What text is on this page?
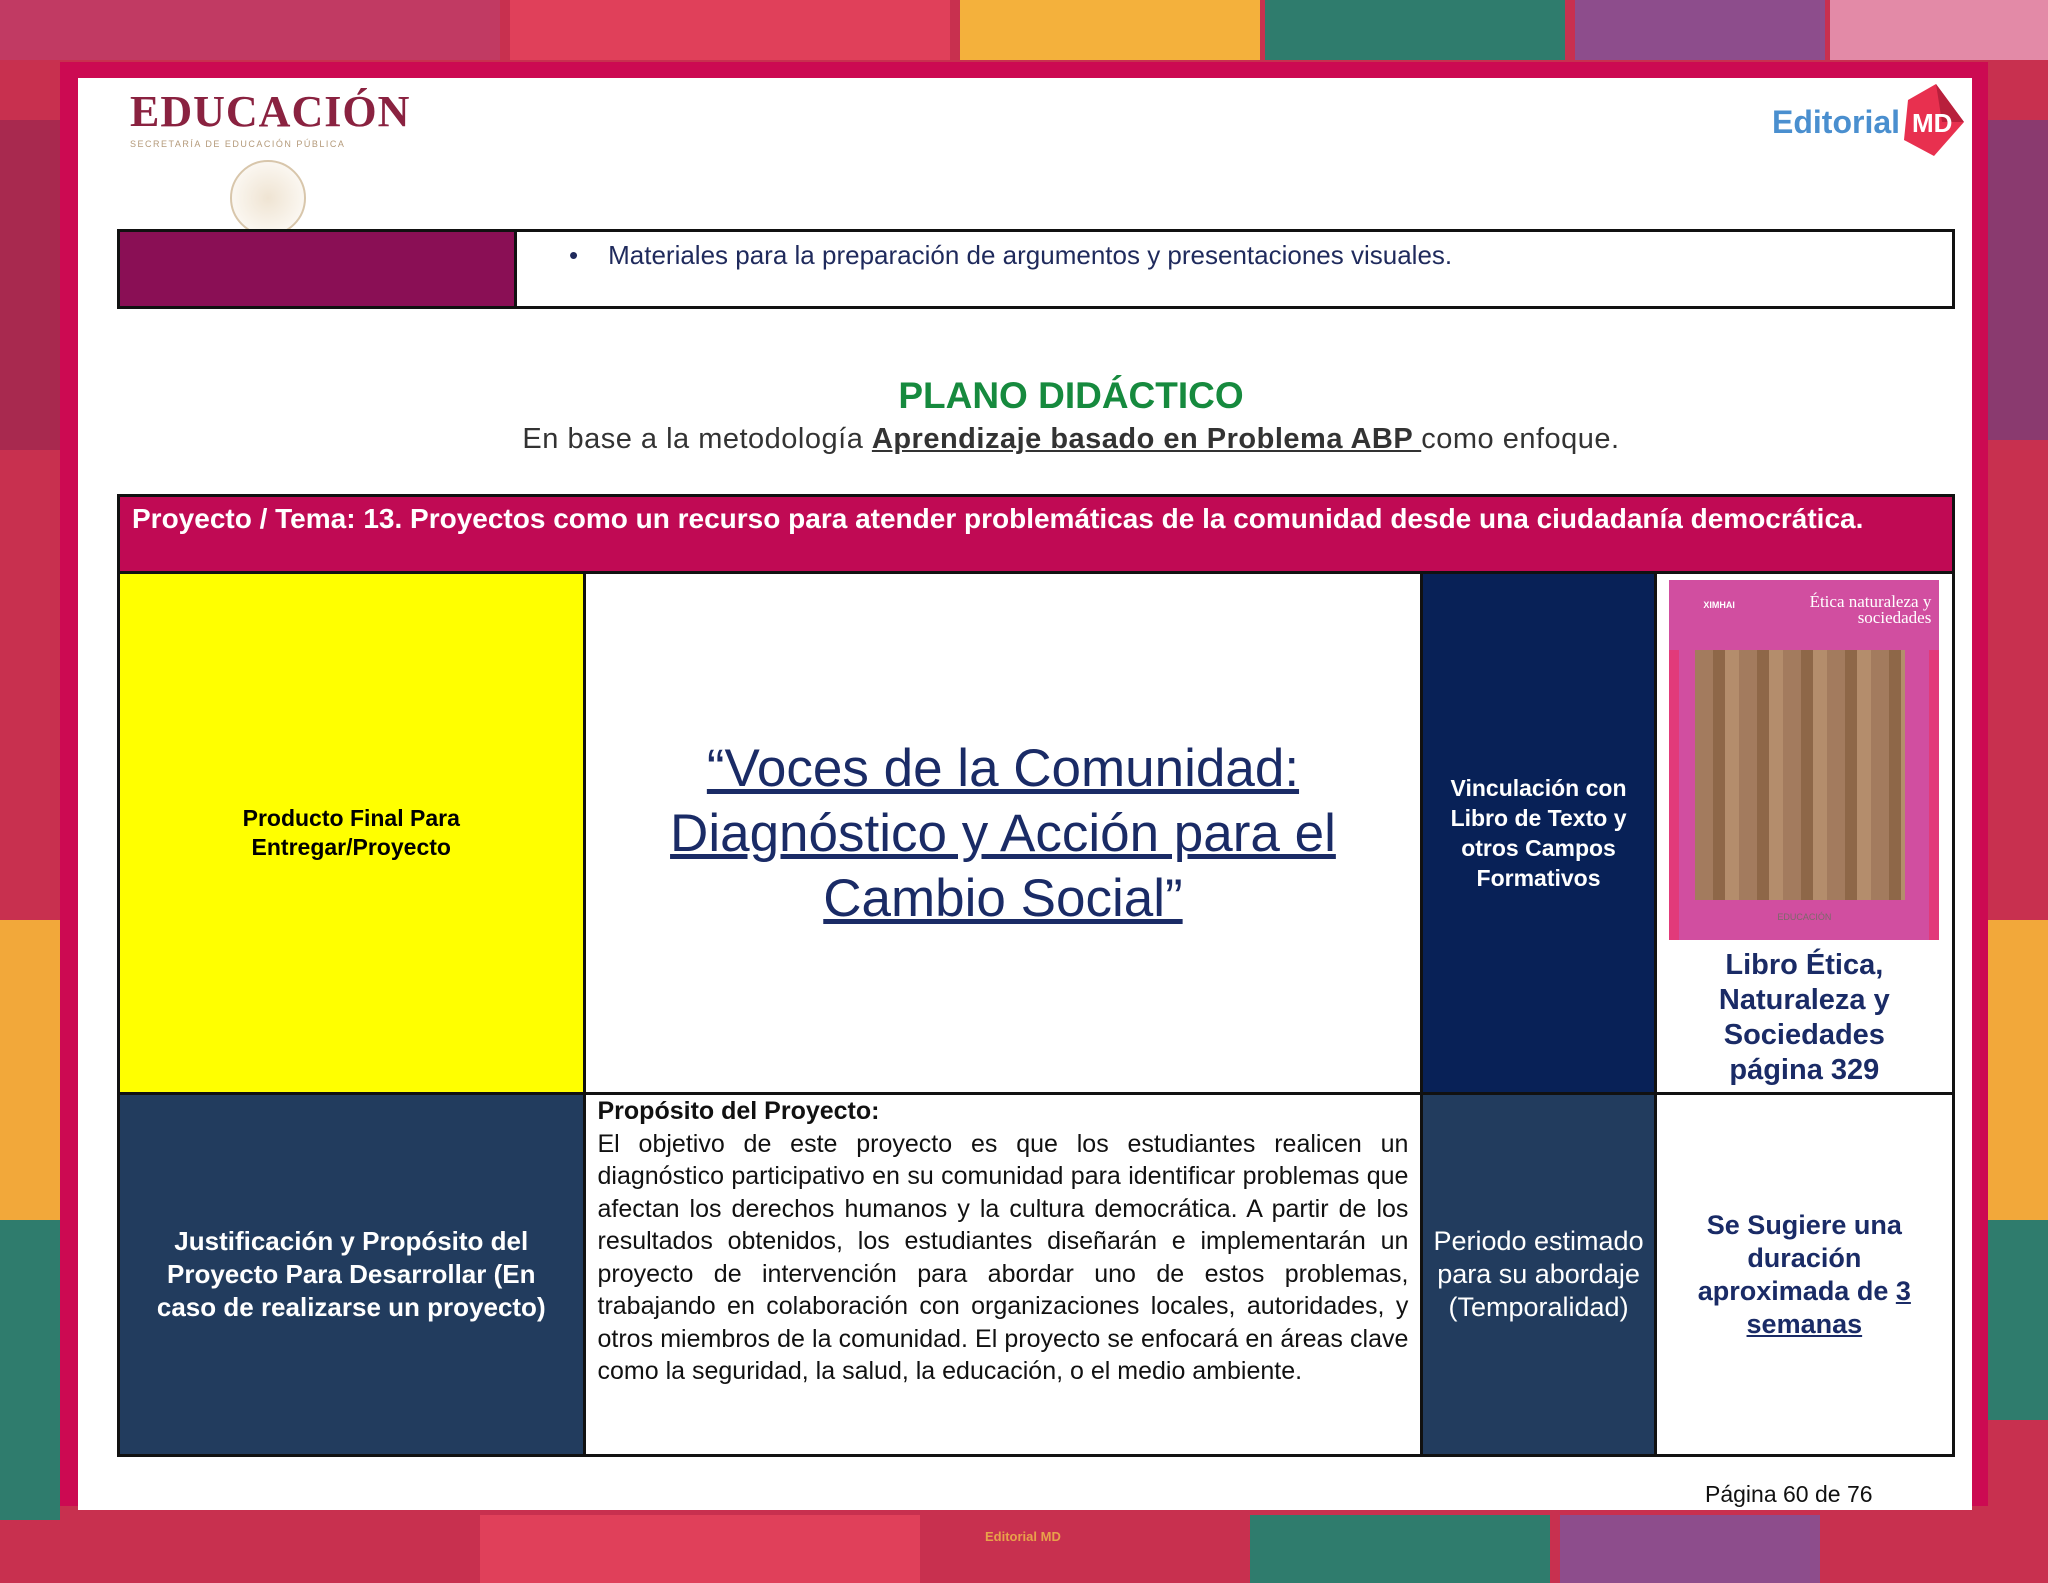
EDUCACIÓN
SECRETARÍA DE EDUCACIÓN PÚBLICA
Editorial MD

• Materiales para la preparación de argumentos y presentaciones visuales.
PLANO DIDÁCTICO
En base a la metodología Aprendizaje basado en Problema ABP como enfoque.
Proyecto / Tema: 13. Proyectos como un recurso para atender problemáticas de la comunidad desde una ciudadanía democrática.			
Producto Final Para Entregar/Proyecto	“Voces de la Comunidad: Diagnóstico y Acción para el Cambio Social”	Vinculación con Libro de Texto y otros Campos Formativos	XIMHAI Ética naturaleza y sociedades
EDUCACIÓN
Libro Ética, Naturaleza y Sociedades página 329

Justificación y Propósito del Proyecto Para Desarrollar (En caso de realizarse un proyecto)	Propósito del Proyecto:
El objetivo de este proyecto es que los estudiantes realicen un diagnóstico participativo en su comunidad para identificar problemas que afectan los derechos humanos y la cultura democrática. A partir de los resultados obtenidos, los estudiantes diseñarán e implementarán un proyecto de intervención para abordar uno de estos problemas, trabajando en colaboración con organizaciones locales, autoridades, y otros miembros de la comunidad. El proyecto se enfocará en áreas clave como la seguridad, la salud, la educación, o el medio ambiente.	Periodo estimado para su abordaje (Temporalidad)	Se Sugiere una duración aproximada de 3 semanas
Página 60 de 76
Editorial MD
